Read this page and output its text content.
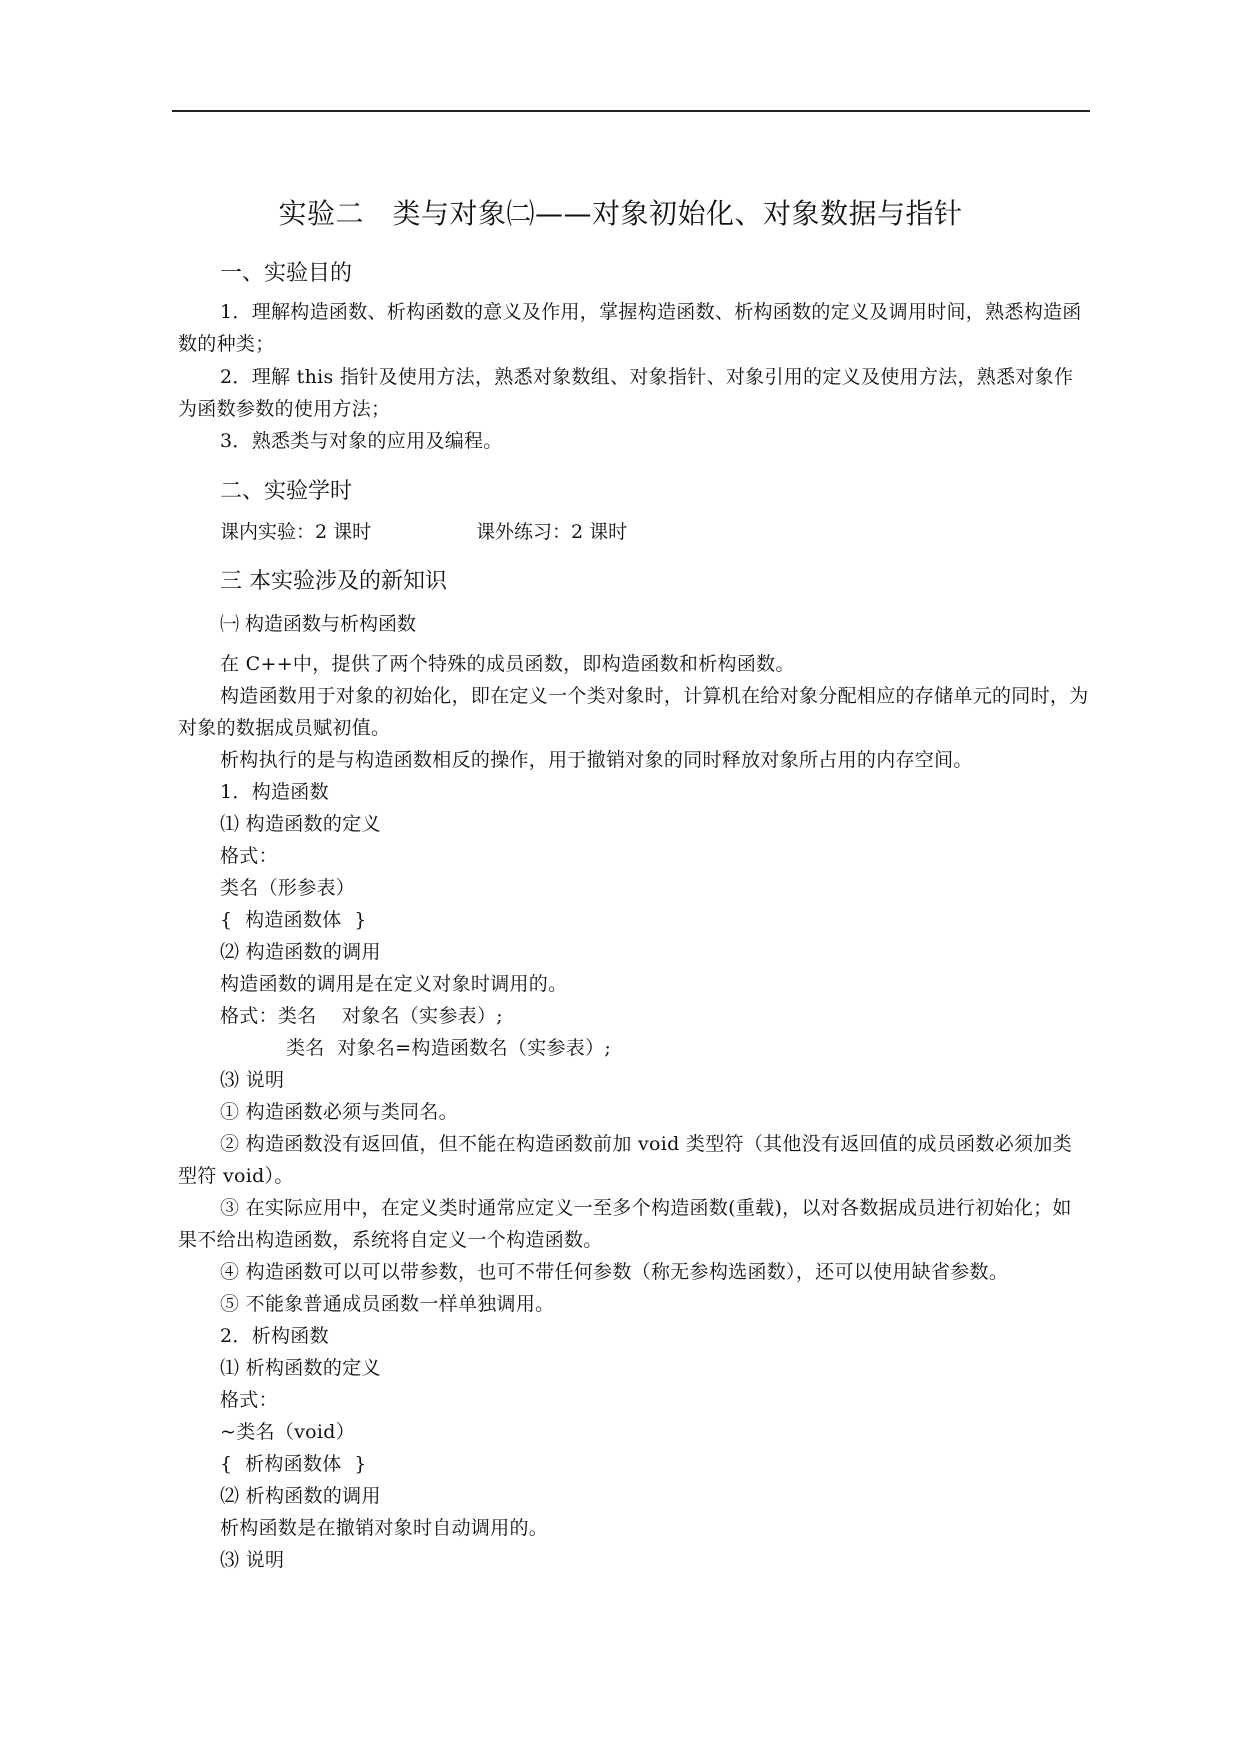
实验二　类与对象㈡——对象初始化、对象数据与指针
一、实验目的
1．理解构造函数、析构函数的意义及作用，掌握构造函数、析构函数的定义及调用时间，熟悉构造函数的种类；
2．理解 this 指针及使用方法，熟悉对象数组、对象指针、对象引用的定义及使用方法，熟悉对象作为函数参数的使用方法；
3．熟悉类与对象的应用及编程。
二、实验学时
课内实验：2 课时	课外练习：2 课时
三 本实验涉及的新知识
㈠ 构造函数与析构函数
在 C++中，提供了两个特殊的成员函数，即构造函数和析构函数。
构造函数用于对象的初始化，即在定义一个类对象时，计算机在给对象分配相应的存储单元的同时，为对象的数据成员赋初值。
析构执行的是与构造函数相反的操作，用于撤销对象的同时释放对象所占用的内存空间。
1．构造函数
⑴ 构造函数的定义
格式：
类名（形参表）
{  构造函数体  }
⑵ 构造函数的调用
构造函数的调用是在定义对象时调用的。
格式：类名    对象名（实参表）;
类名  对象名=构造函数名（实参表）;
⑶ 说明
① 构造函数必须与类同名。
② 构造函数没有返回值，但不能在构造函数前加 void 类型符（其他没有返回值的成员函数必须加类型符 void）。
③ 在实际应用中，在定义类时通常应定义一至多个构造函数(重载)，以对各数据成员进行初始化；如果不给出构造函数，系统将自定义一个构造函数。
④ 构造函数可以可以带参数，也可不带任何参数（称无参构选函数），还可以使用缺省参数。
⑤ 不能象普通成员函数一样单独调用。
2．析构函数
⑴ 析构函数的定义
格式：
~类名（void）
{  析构函数体  }
⑵ 析构函数的调用
析构函数是在撤销对象时自动调用的。
⑶ 说明
